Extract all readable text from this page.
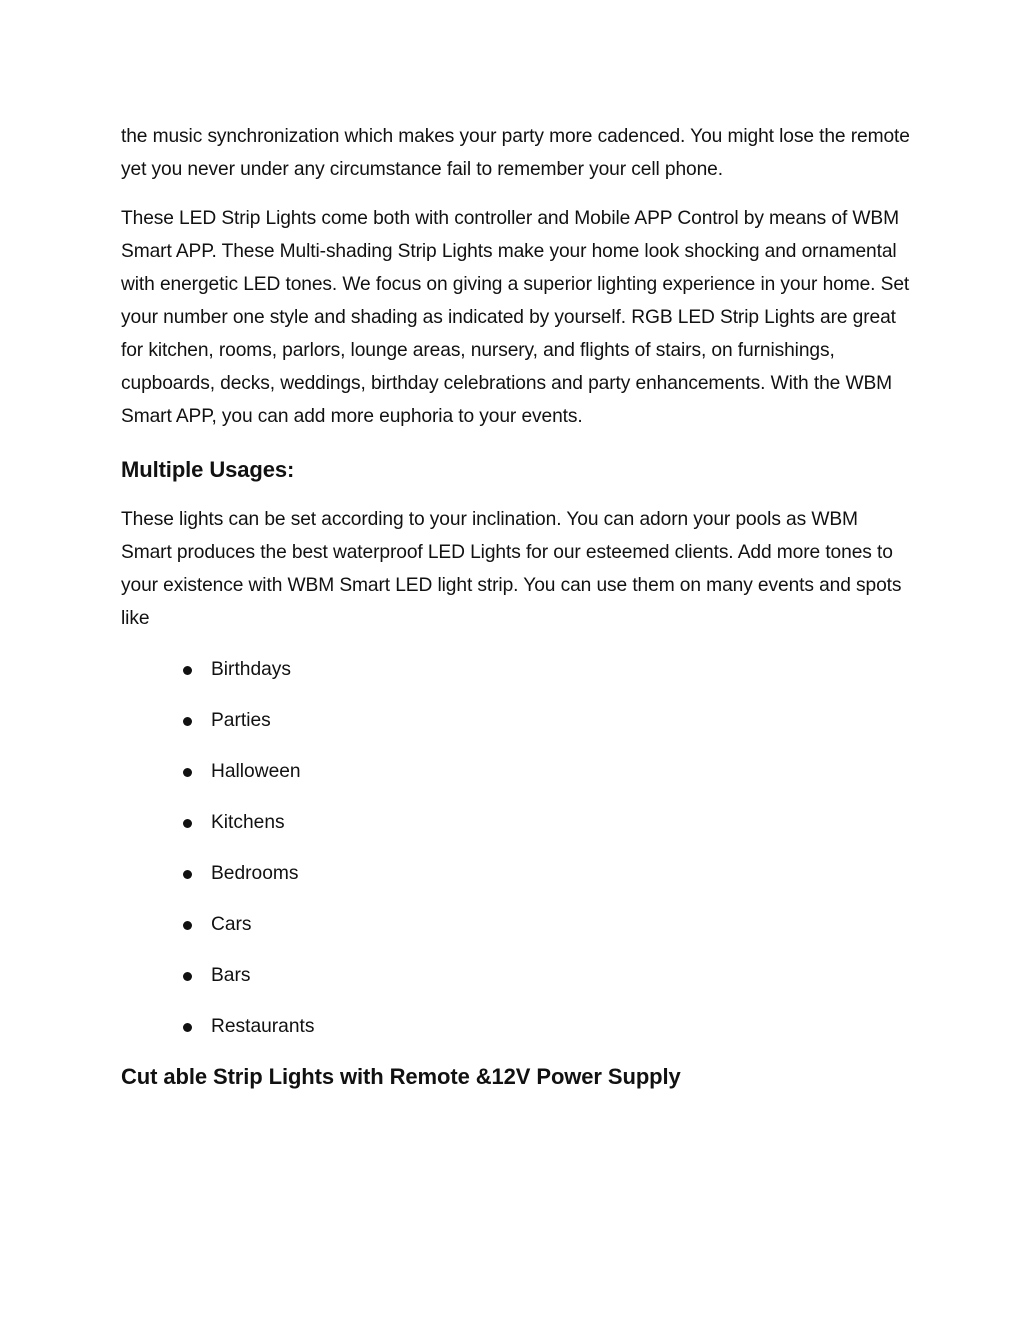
the music synchronization which makes your party more cadenced. You might lose the remote yet you never under any circumstance fail to remember your cell phone.

These LED Strip Lights come both with controller and Mobile APP Control by means of WBM Smart APP. These Multi-shading Strip Lights make your home look shocking and ornamental with energetic LED tones. We focus on giving a superior lighting experience in your home. Set your number one style and shading as indicated by yourself. RGB LED Strip Lights are great for kitchen, rooms, parlors, lounge areas, nursery, and flights of stairs, on furnishings, cupboards, decks, weddings, birthday celebrations and party enhancements. With the WBM Smart APP, you can add more euphoria to your events.

Multiple Usages:

These lights can be set according to your inclination. You can adorn your pools as WBM Smart produces the best waterproof LED Lights for our esteemed clients. Add more tones to your existence with WBM Smart LED light strip. You can use them on many events and spots like

Birthdays
Parties
Halloween
Kitchens
Bedrooms
Cars
Bars
Restaurants
Cut able Strip Lights with Remote &12V Power Supply
